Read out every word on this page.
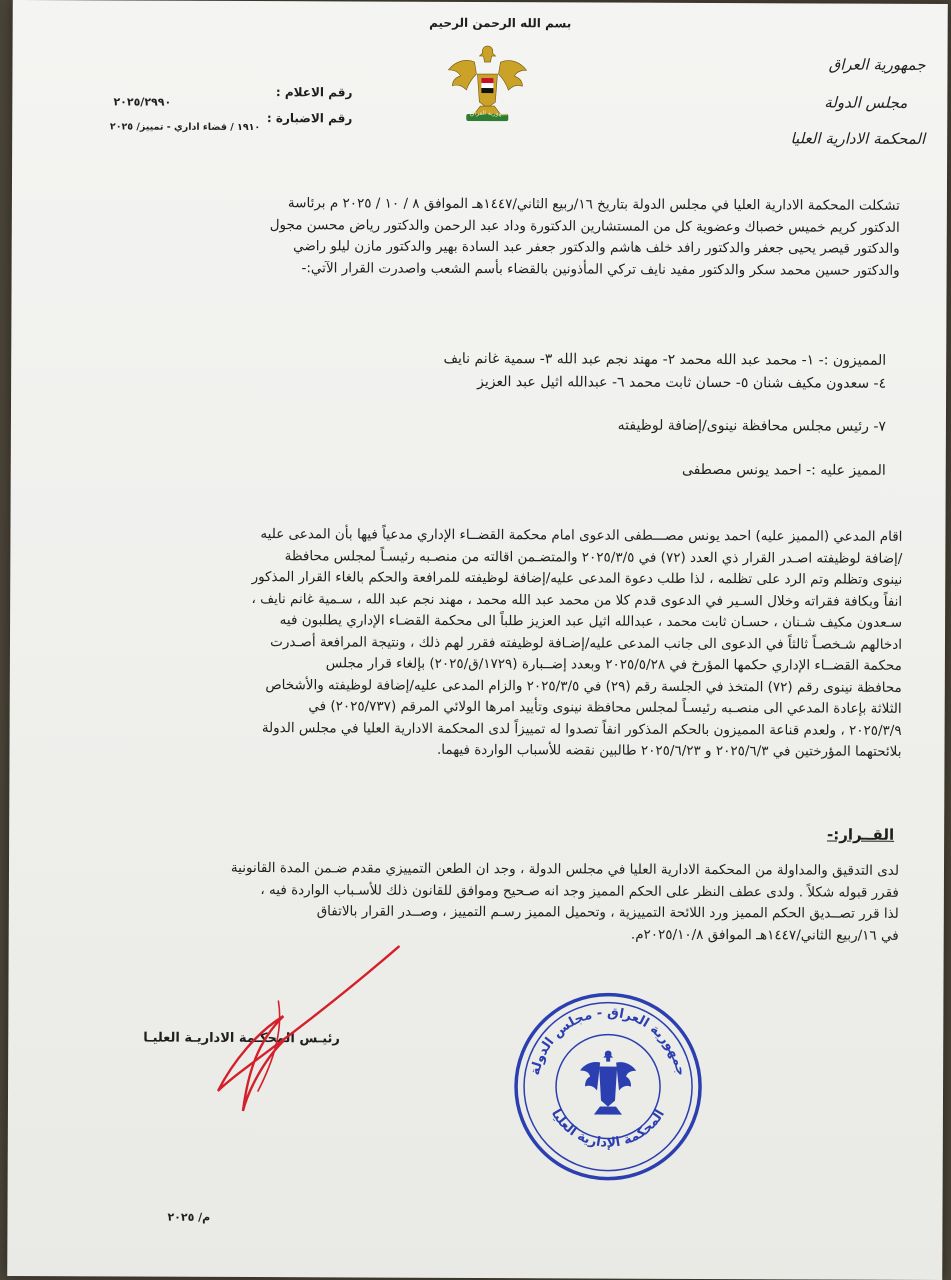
بسم الله الرحمن الرحيم
جمهورية العراق
مجلس الدولة
المحكمة الادارية العليا
جمهورية العراق
رقم الاعلام :
٢٠٢٥/٢٩٩٠
رقم الاضبارة :
١٩١٠ / قضاء اداري - تمييز/ ٢٠٢٥
تشكلت المحكمة الادارية العليا في مجلس الدولة بتاريخ ١٦/ربيع الثاني/١٤٤٧هـ الموافق ٨ / ١٠ / ٢٠٢٥ م برئاسة
الدكتور كريم خميس خصباك وعضوية كل من المستشارين الدكتورة وداد عبد الرحمن والدكتور رياض محسن مجول
والدكتور قيصر يحيى جعفر والدكتور رافد خلف هاشم والدكتور جعفر عبد السادة بهير والدكتور مازن ليلو راضي
والدكتور حسين محمد سكر والدكتور مفيد نايف تركي المأذونين بالقضاء بأسم الشعب واصدرت القرار الآتي:-
المميزون :- ١- محمد عبد الله محمد ٢- مهند نجم عبد الله ٣- سمية غانم نايف
٤- سعدون مكيف شنان ٥- حسان ثابت محمد ٦- عبدالله اثيل عبد العزيز
٧- رئيس مجلس محافظة نينوى/إضافة لوظيفته
المميز عليه :- احمد يونس مصطفى
اقام المدعي (المميز عليه) احمد يونس مصـــطفى الدعوى امام محكمة القضــاء الإداري مدعياً فيها بأن المدعى عليه
/إضافة لوظيفته اصـدر القرار ذي العدد (٧٢) في ٢٠٢٥/٣/٥ والمتضـمن اقالته من منصـبه رئيسـاً لمجلس محافظة
نينوى وتظلم وتم الرد على تظلمه ، لذا طلب دعوة المدعى عليه/إضافة لوظيفته للمرافعة والحكم بالغاء القرار المذكور
انفاً وبكافة فقراته وخلال السـير في الدعوى قدم كلا من محمد عبد الله محمد ، مهند نجم عبد الله ، سـمية غانم نايف ،
سـعدون مكيف شـنان ، حسـان ثابت محمد ، عبدالله اثيل عبد العزيز طلباً الى محكمة القضـاء الإداري يطلبون فيه
ادخالهم شـخصـاً ثالثاً في الدعوى الى جانب المدعى عليه/إضـافة لوظيفته فقرر لهم ذلك ، ونتيجة المرافعة أصـدرت
محكمة القضــاء الإداري حكمها المؤرخ في ٢٠٢٥/٥/٢٨ وبعدد إضــبارة (١٧٢٩/ق/٢٠٢٥) بإلغاء قرار مجلس
محافظة نينوى رقم (٧٢) المتخذ في الجلسة رقم (٢٩) في ٢٠٢٥/٣/٥ والزام المدعى عليه/إضافة لوظيفته والأشخاص
الثلاثة بإعادة المدعي الى منصـبه رئيسـاً لمجلس محافظة نينوى وتأييد امرها الولائي المرقم (٢٠٢٥/٧٣٧) في
٢٠٢٥/٣/٩ ، ولعدم قناعة المميزون بالحكم المذكور انفاً تصدوا له تمييزاً لدى المحكمة الادارية العليا في مجلس الدولة
بلائحتهما المؤرختين في ٢٠٢٥/٦/٣ و ٢٠٢٥/٦/٢٣ طالبين نقضه للأسباب الواردة فيهما.
القــرار:-
لدى التدقيق والمداولة من المحكمة الادارية العليا في مجلس الدولة ، وجد ان الطعن التمييزي مقدم ضـمن المدة القانونية
فقرر قبوله شكلاً . ولدى عطف النظر على الحكم المميز وجد انه صـحيح وموافق للقانون ذلك للأسـباب الواردة فيه ،
لذا قرر تصــديق الحكم المميز ورد اللائحة التمييزية ، وتحميل المميز رسـم التمييز ، وصــدر القرار بالاتفاق
في ١٦/ربيع الثاني/١٤٤٧هـ الموافق ٢٠٢٥/١٠/٨م.
رئيـس المحكـمة الاداريـة العليـا
جمهورية العراق - مجلس الدولة
المحكمة الإدارية العليا
م/ ٢٠٢٥
